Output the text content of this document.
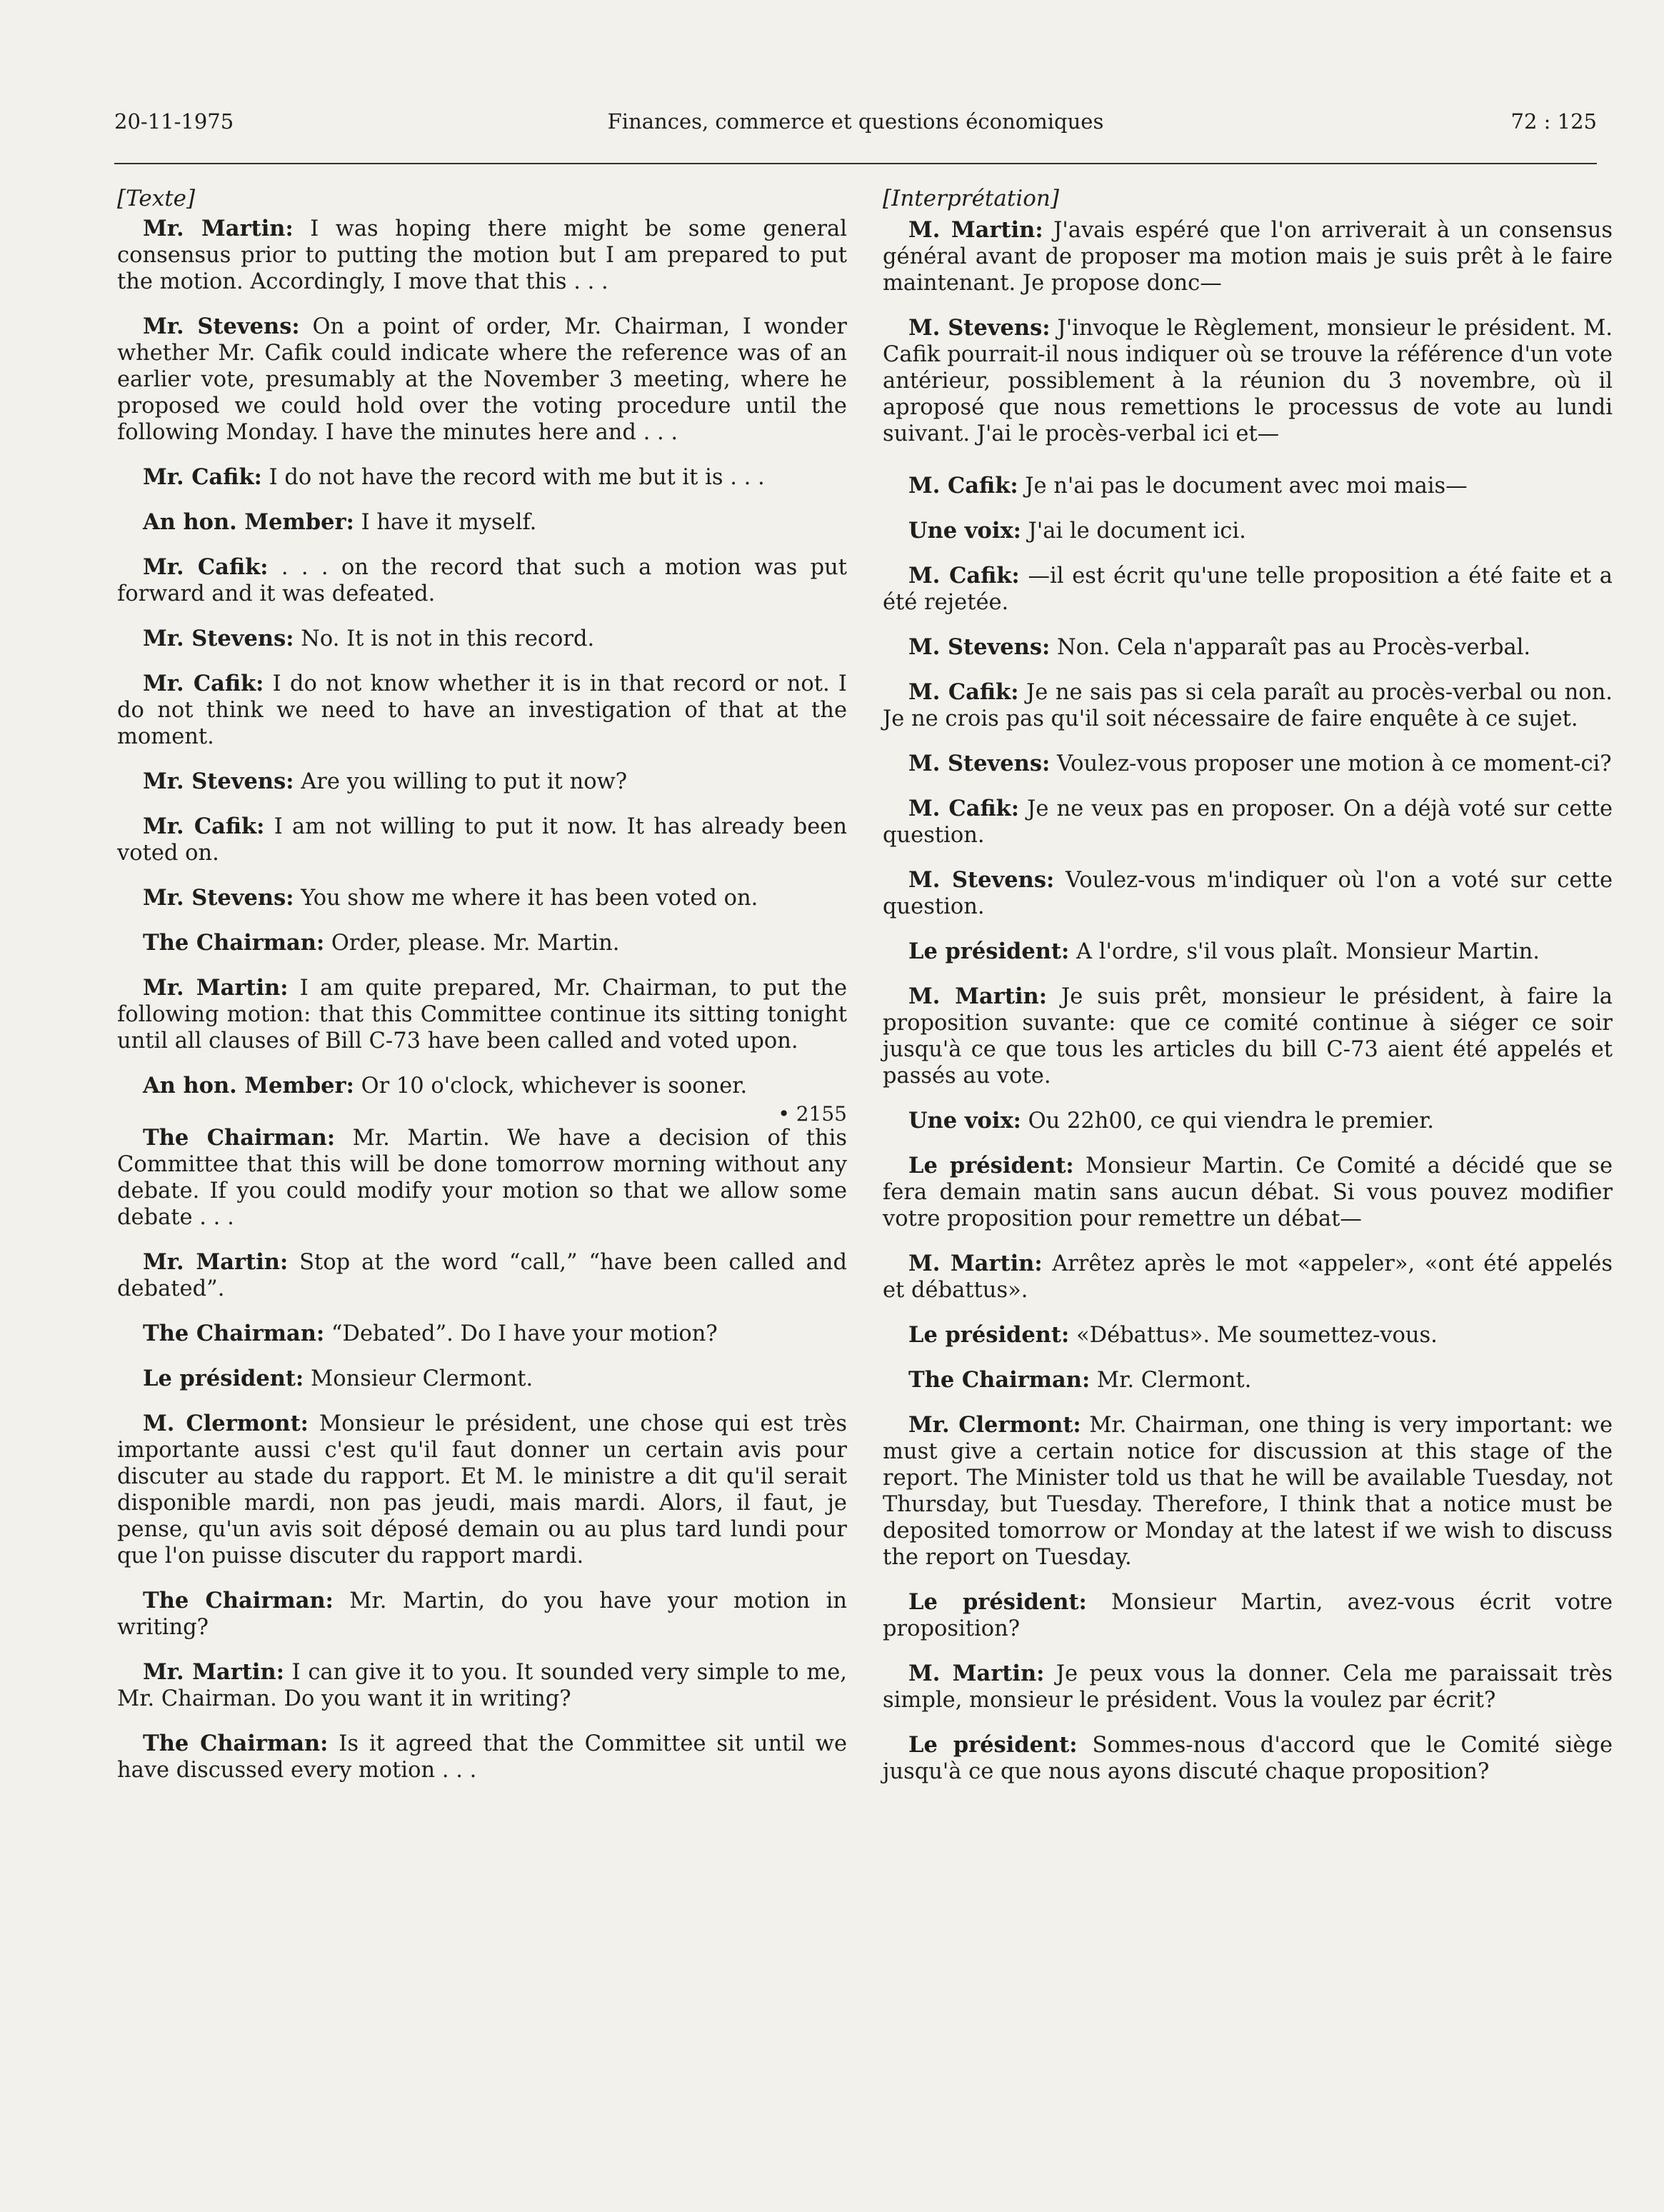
20-11-1975	Finances, commerce et questions économiques	72 : 125
[Texte]
Mr. Martin: I was hoping there might be some general consensus prior to putting the motion but I am prepared to put the motion. Accordingly, I move that this . . .
Mr. Stevens: On a point of order, Mr. Chairman, I wonder whether Mr. Cafik could indicate where the reference was of an earlier vote, presumably at the November 3 meeting, where he proposed we could hold over the voting procedure until the following Monday. I have the minutes here and . . .
Mr. Cafik: I do not have the record with me but it is . . .
An hon. Member: I have it myself.
Mr. Cafik: . . . on the record that such a motion was put forward and it was defeated.
Mr. Stevens: No. It is not in this record.
Mr. Cafik: I do not know whether it is in that record or not. I do not think we need to have an investigation of that at the moment.
Mr. Stevens: Are you willing to put it now?
Mr. Cafik: I am not willing to put it now. It has already been voted on.
Mr. Stevens: You show me where it has been voted on.
The Chairman: Order, please. Mr. Martin.
Mr. Martin: I am quite prepared, Mr. Chairman, to put the following motion: that this Committee continue its sitting tonight until all clauses of Bill C-73 have been called and voted upon.
An hon. Member: Or 10 o'clock, whichever is sooner.
• 2155
The Chairman: Mr. Martin. We have a decision of this Committee that this will be done tomorrow morning without any debate. If you could modify your motion so that we allow some debate . . .
Mr. Martin: Stop at the word “call,” “have been called and debated”.
The Chairman: “Debated”. Do I have your motion?
Le président: Monsieur Clermont.
M. Clermont: Monsieur le président, une chose qui est très importante aussi c'est qu'il faut donner un certain avis pour discuter au stade du rapport. Et M. le ministre a dit qu'il serait disponible mardi, non pas jeudi, mais mardi. Alors, il faut, je pense, qu'un avis soit déposé demain ou au plus tard lundi pour que l'on puisse discuter du rapport mardi.
The Chairman: Mr. Martin, do you have your motion in writing?
Mr. Martin: I can give it to you. It sounded very simple to me, Mr. Chairman. Do you want it in writing?
The Chairman: Is it agreed that the Committee sit until we have discussed every motion . . .
[Interprétation]
M. Martin: J'avais espéré que l'on arriverait à un consensus général avant de proposer ma motion mais je suis prêt à le faire maintenant. Je propose donc—
M. Stevens: J'invoque le Règlement, monsieur le président. M. Cafik pourrait-il nous indiquer où se trouve la référence d'un vote antérieur, possiblement à la réunion du 3 novembre, où il aproposé que nous remettions le processus de vote au lundi suivant. J'ai le procès-verbal ici et—
M. Cafik: Je n'ai pas le document avec moi mais—
Une voix: J'ai le document ici.
M. Cafik: —il est écrit qu'une telle proposition a été faite et a été rejetée.
M. Stevens: Non. Cela n'apparaît pas au Procès-verbal.
M. Cafik: Je ne sais pas si cela paraît au procès-verbal ou non. Je ne crois pas qu'il soit nécessaire de faire enquête à ce sujet.
M. Stevens: Voulez-vous proposer une motion à ce moment-ci?
M. Cafik: Je ne veux pas en proposer. On a déjà voté sur cette question.
M. Stevens: Voulez-vous m'indiquer où l'on a voté sur cette question.
Le président: A l'ordre, s'il vous plaît. Monsieur Martin.
M. Martin: Je suis prêt, monsieur le président, à faire la proposition suvante: que ce comité continue à siéger ce soir jusqu'à ce que tous les articles du bill C-73 aient été appelés et passés au vote.
Une voix: Ou 22h00, ce qui viendra le premier.
Le président: Monsieur Martin. Ce Comité a décidé que se fera demain matin sans aucun débat. Si vous pouvez modifier votre proposition pour remettre un débat—
M. Martin: Arrêtez après le mot «appeler», «ont été appelés et débattus».
Le président: «Débattus». Me soumettez-vous.
The Chairman: Mr. Clermont.
Mr. Clermont: Mr. Chairman, one thing is very important: we must give a certain notice for discussion at this stage of the report. The Minister told us that he will be available Tuesday, not Thursday, but Tuesday. Therefore, I think that a notice must be deposited tomorrow or Monday at the latest if we wish to discuss the report on Tuesday.
Le président: Monsieur Martin, avez-vous écrit votre proposition?
M. Martin: Je peux vous la donner. Cela me paraissait très simple, monsieur le président. Vous la voulez par écrit?
Le président: Sommes-nous d'accord que le Comité siège jusqu'à ce que nous ayons discuté chaque proposition?
